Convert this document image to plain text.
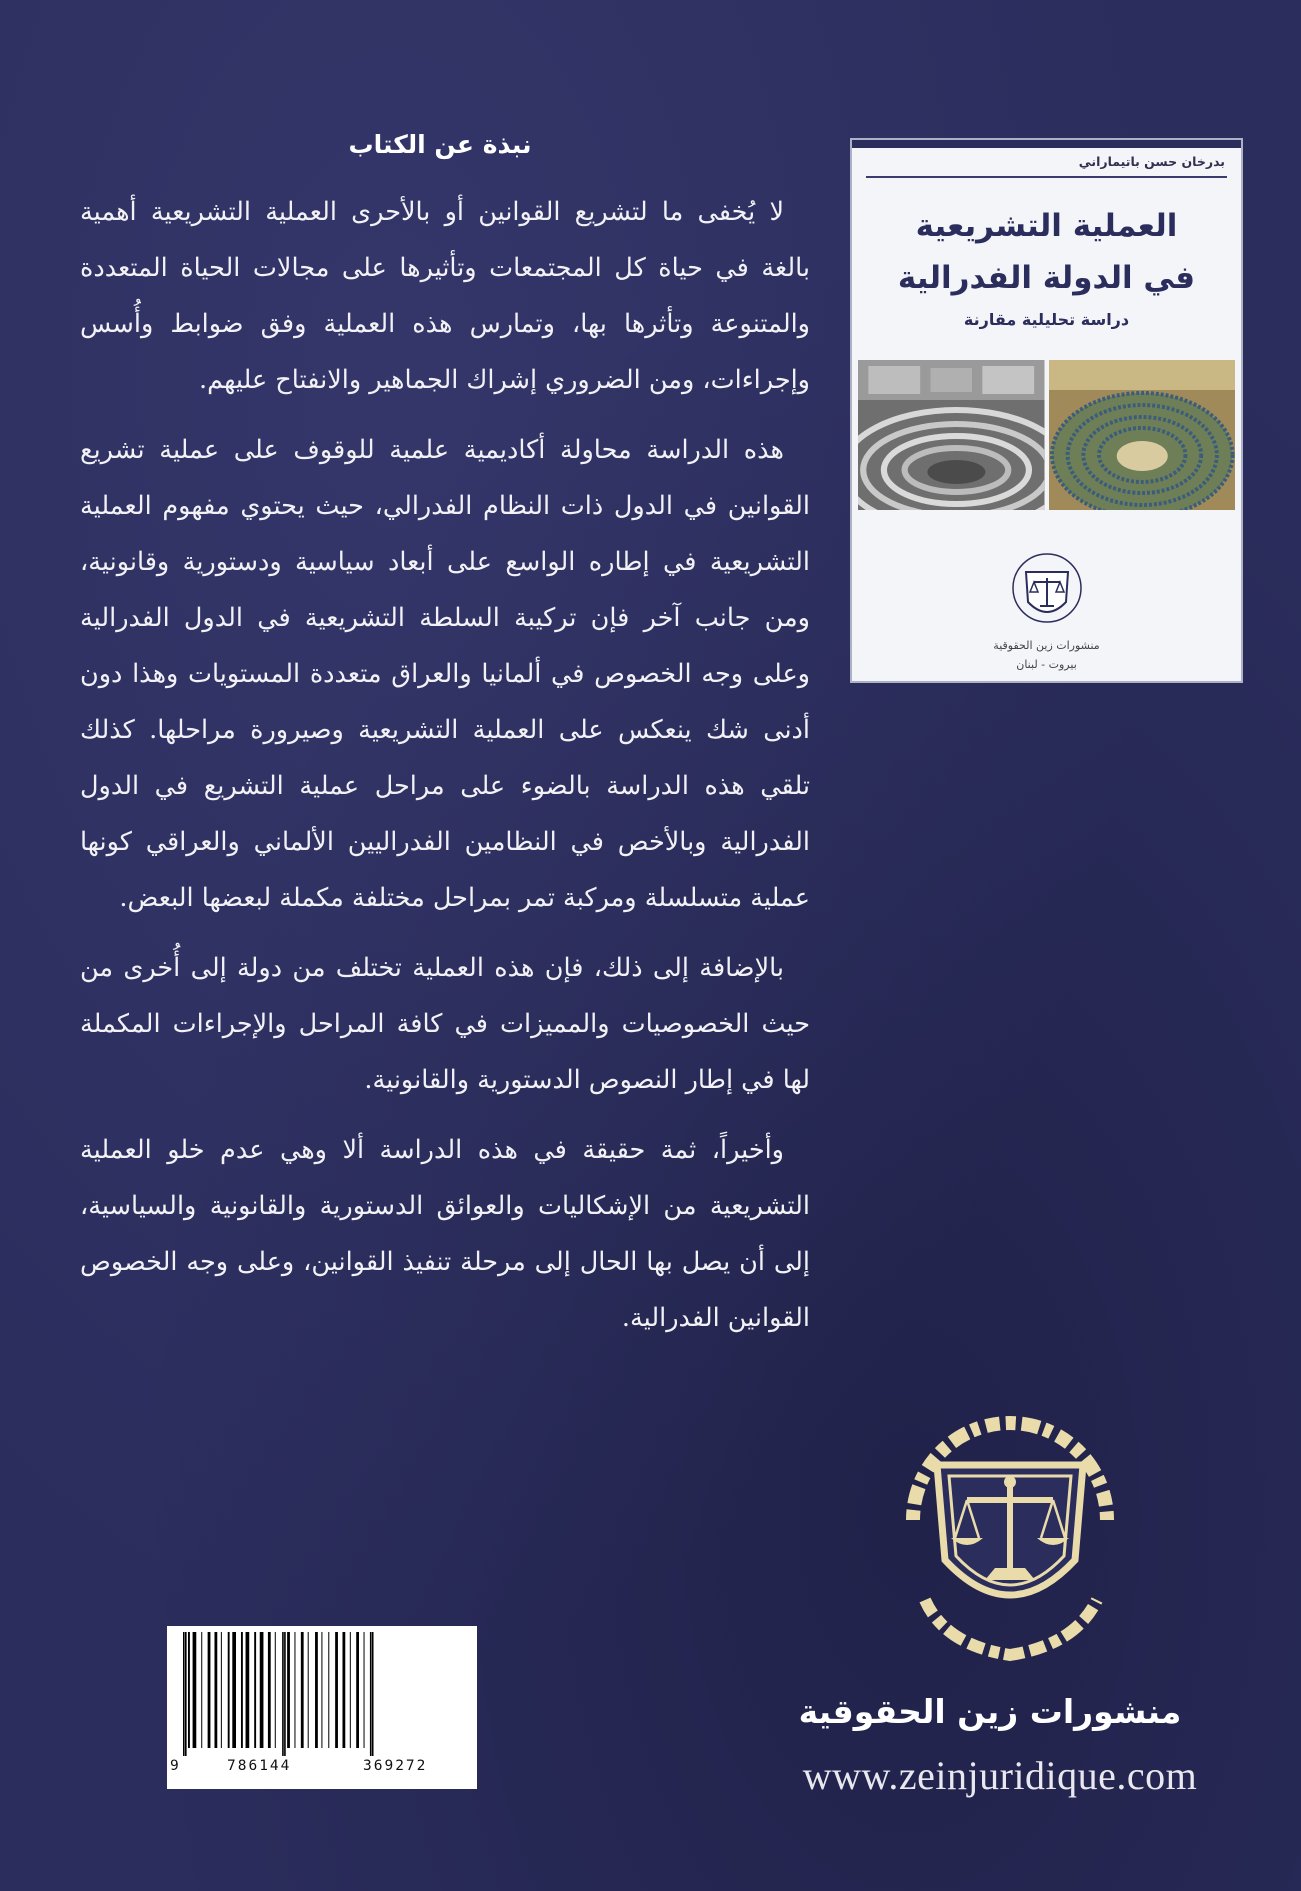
نبذة عن الكتاب

لا يُخفى ما لتشريع القوانين أو بالأحرى العملية التشريعية أهمية بالغة في حياة كل المجتمعات وتأثيرها على مجالات الحياة المتعددة والمتنوعة وتأثرها بها، وتمارس هذه العملية وفق ضوابط وأُسس وإجراءات، ومن الضروري إشراك الجماهير والانفتاح عليهم.

هذه الدراسة محاولة أكاديمية علمية للوقوف على عملية تشريع القوانين في الدول ذات النظام الفدرالي، حيث يحتوي مفهوم العملية التشريعية في إطاره الواسع على أبعاد سياسية ودستورية وقانونية، ومن جانب آخر فإن تركيبة السلطة التشريعية في الدول الفدرالية وعلى وجه الخصوص في ألمانيا والعراق متعددة المستويات وهذا دون أدنى شك ينعكس على العملية التشريعية وصيرورة مراحلها. كذلك تلقي هذه الدراسة بالضوء على مراحل عملية التشريع في الدول الفدرالية وبالأخص في النظامين الفدراليين الألماني والعراقي كونها عملية متسلسلة ومركبة تمر بمراحل مختلفة مكملة لبعضها البعض.

بالإضافة إلى ذلك، فإن هذه العملية تختلف من دولة إلى أُخرى من حيث الخصوصيات والمميزات في كافة المراحل والإجراءات المكملة لها في إطار النصوص الدستورية والقانونية.

وأخيراً، ثمة حقيقة في هذه الدراسة ألا وهي عدم خلو العملية التشريعية من الإشكاليات والعوائق الدستورية والقانونية والسياسية، إلى أن يصل بها الحال إلى مرحلة تنفيذ القوانين، وعلى وجه الخصوص القوانين الفدرالية.

بدرخان حسن باتيماراني
العملية التشريعية
في الدولة الفدرالية
دراسة تحليلية مقارنة
منشورات زين الحقوقية
بيروت - لبنان
منشورات زين الحقوقية
www.zeinjuridique.com
9	786144	369272
